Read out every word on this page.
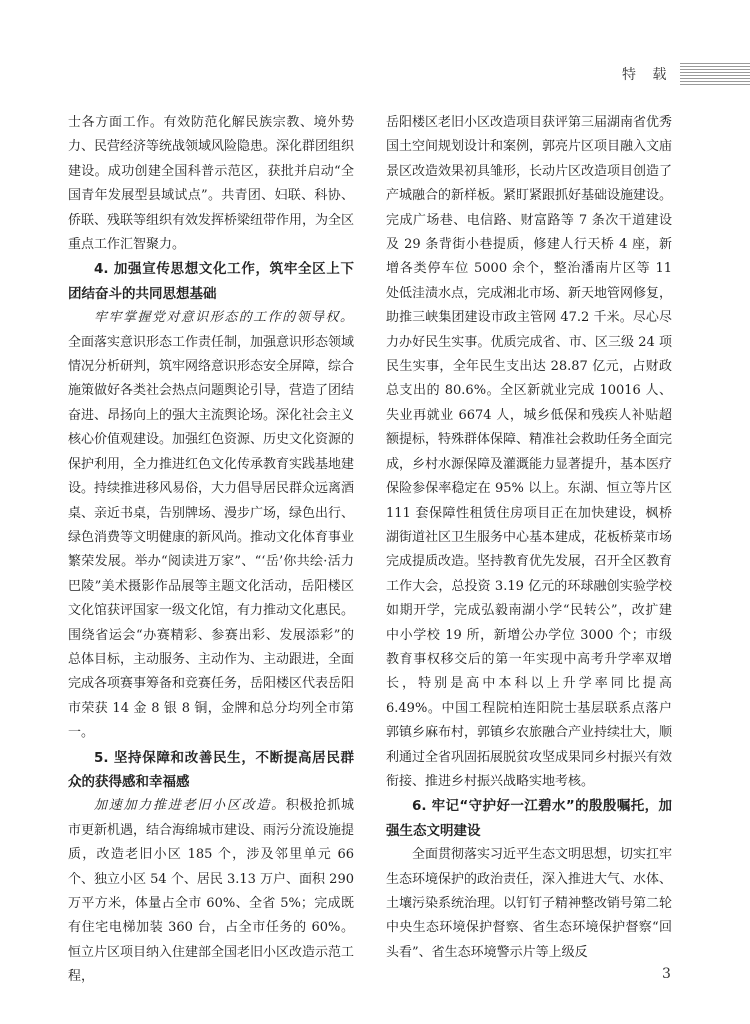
特 载

士各方面工作。有效防范化解民族宗教、境外势力、民营经济等统战领域风险隐患。深化群团组织建设。成功创建全国科普示范区，获批并启动“全国青年发展型县域试点”。共青团、妇联、科协、侨联、残联等组织有效发挥桥梁纽带作用，为全区重点工作汇智聚力。

4. 加强宣传思想文化工作，筑牢全区上下团结奋斗的共同思想基础

牢牢掌握党对意识形态的工作的领导权。全面落实意识形态工作责任制，加强意识形态领域情况分析研判，筑牢网络意识形态安全屏障，综合施策做好各类社会热点问题舆论引导，营造了团结奋进、昂扬向上的强大主流舆论场。深化社会主义核心价值观建设。加强红色资源、历史文化资源的保护利用，全力推进红色文化传承教育实践基地建设。持续推进移风易俗，大力倡导居民群众远离酒桌、亲近书桌，告别牌场、漫步广场，绿色出行、绿色消费等文明健康的新风尚。推动文化体育事业繁荣发展。举办“阅读进万家”、“‘岳’你共绘·活力巴陵”美术摄影作品展等主题文化活动，岳阳楼区文化馆获评国家一级文化馆，有力推动文化惠民。围绕省运会“办赛精彩、参赛出彩、发展添彩”的总体目标，主动服务、主动作为、主动跟进，全面完成各项赛事筹备和竞赛任务，岳阳楼区代表岳阳市荣获 14 金 8 银 8 铜，金牌和总分均列全市第一。

5. 坚持保障和改善民生，不断提高居民群众的获得感和幸福感

加速加力推进老旧小区改造。积极抢抓城市更新机遇，结合海绵城市建设、雨污分流设施提质，改造老旧小区 185 个，涉及邻里单元 66 个、独立小区 54 个、居民 3.13 万户、面积 290 万平方米，体量占全市 60%、全省 5%；完成既有住宅电梯加装 360 台，占全市任务的 60%。恒立片区项目纳入住建部全国老旧小区改造示范工程，

岳阳楼区老旧小区改造项目获评第三届湖南省优秀国土空间规划设计和案例，郭亮片区项目融入文庙景区改造效果初具雏形，长动片区改造项目创造了产城融合的新样板。紧盯紧跟抓好基础设施建设。完成广场巷、电信路、财富路等 7 条次干道建设及 29 条背街小巷提质，修建人行天桥 4 座，新增各类停车位 5000 余个，整治潘南片区等 11 处低洼渍水点，完成湘北市场、新天地管网修复，助推三峡集团建设市政主管网 47.2 千米。尽心尽力办好民生实事。优质完成省、市、区三级 24 项民生实事，全年民生支出达 28.87 亿元，占财政总支出的 80.6%。全区新就业完成 10016 人、失业再就业 6674 人，城乡低保和残疾人补贴超额提标，特殊群体保障、精准社会救助任务全面完成，乡村水源保障及灌溉能力显著提升，基本医疗保险参保率稳定在 95% 以上。东湖、恒立等片区 111 套保障性租赁住房项目正在加快建设，枫桥湖街道社区卫生服务中心基本建成，花板桥菜市场完成提质改造。坚持教育优先发展，召开全区教育工作大会，总投资 3.19 亿元的环球融创实验学校如期开学，完成弘毅南湖小学“民转公”，改扩建中小学校 19 所，新增公办学位 3000 个；市级教育事权移交后的第一年实现中高考升学率双增长，特别是高中本科以上升学率同比提高 6.49%。中国工程院柏连阳院士基层联系点落户郭镇乡麻布村，郭镇乡农旅融合产业持续壮大，顺利通过全省巩固拓展脱贫攻坚成果同乡村振兴有效衔接、推进乡村振兴战略实地考核。

6. 牢记“守护好一江碧水”的殷殷嘱托，加强生态文明建设

全面贯彻落实习近平生态文明思想，切实扛牢生态环境保护的政治责任，深入推进大气、水体、土壤污染系统治理。以钉钉子精神整改销号第二轮中央生态环境保护督察、省生态环境保护督察“回头看”、省生态环境警示片等上级反

3
